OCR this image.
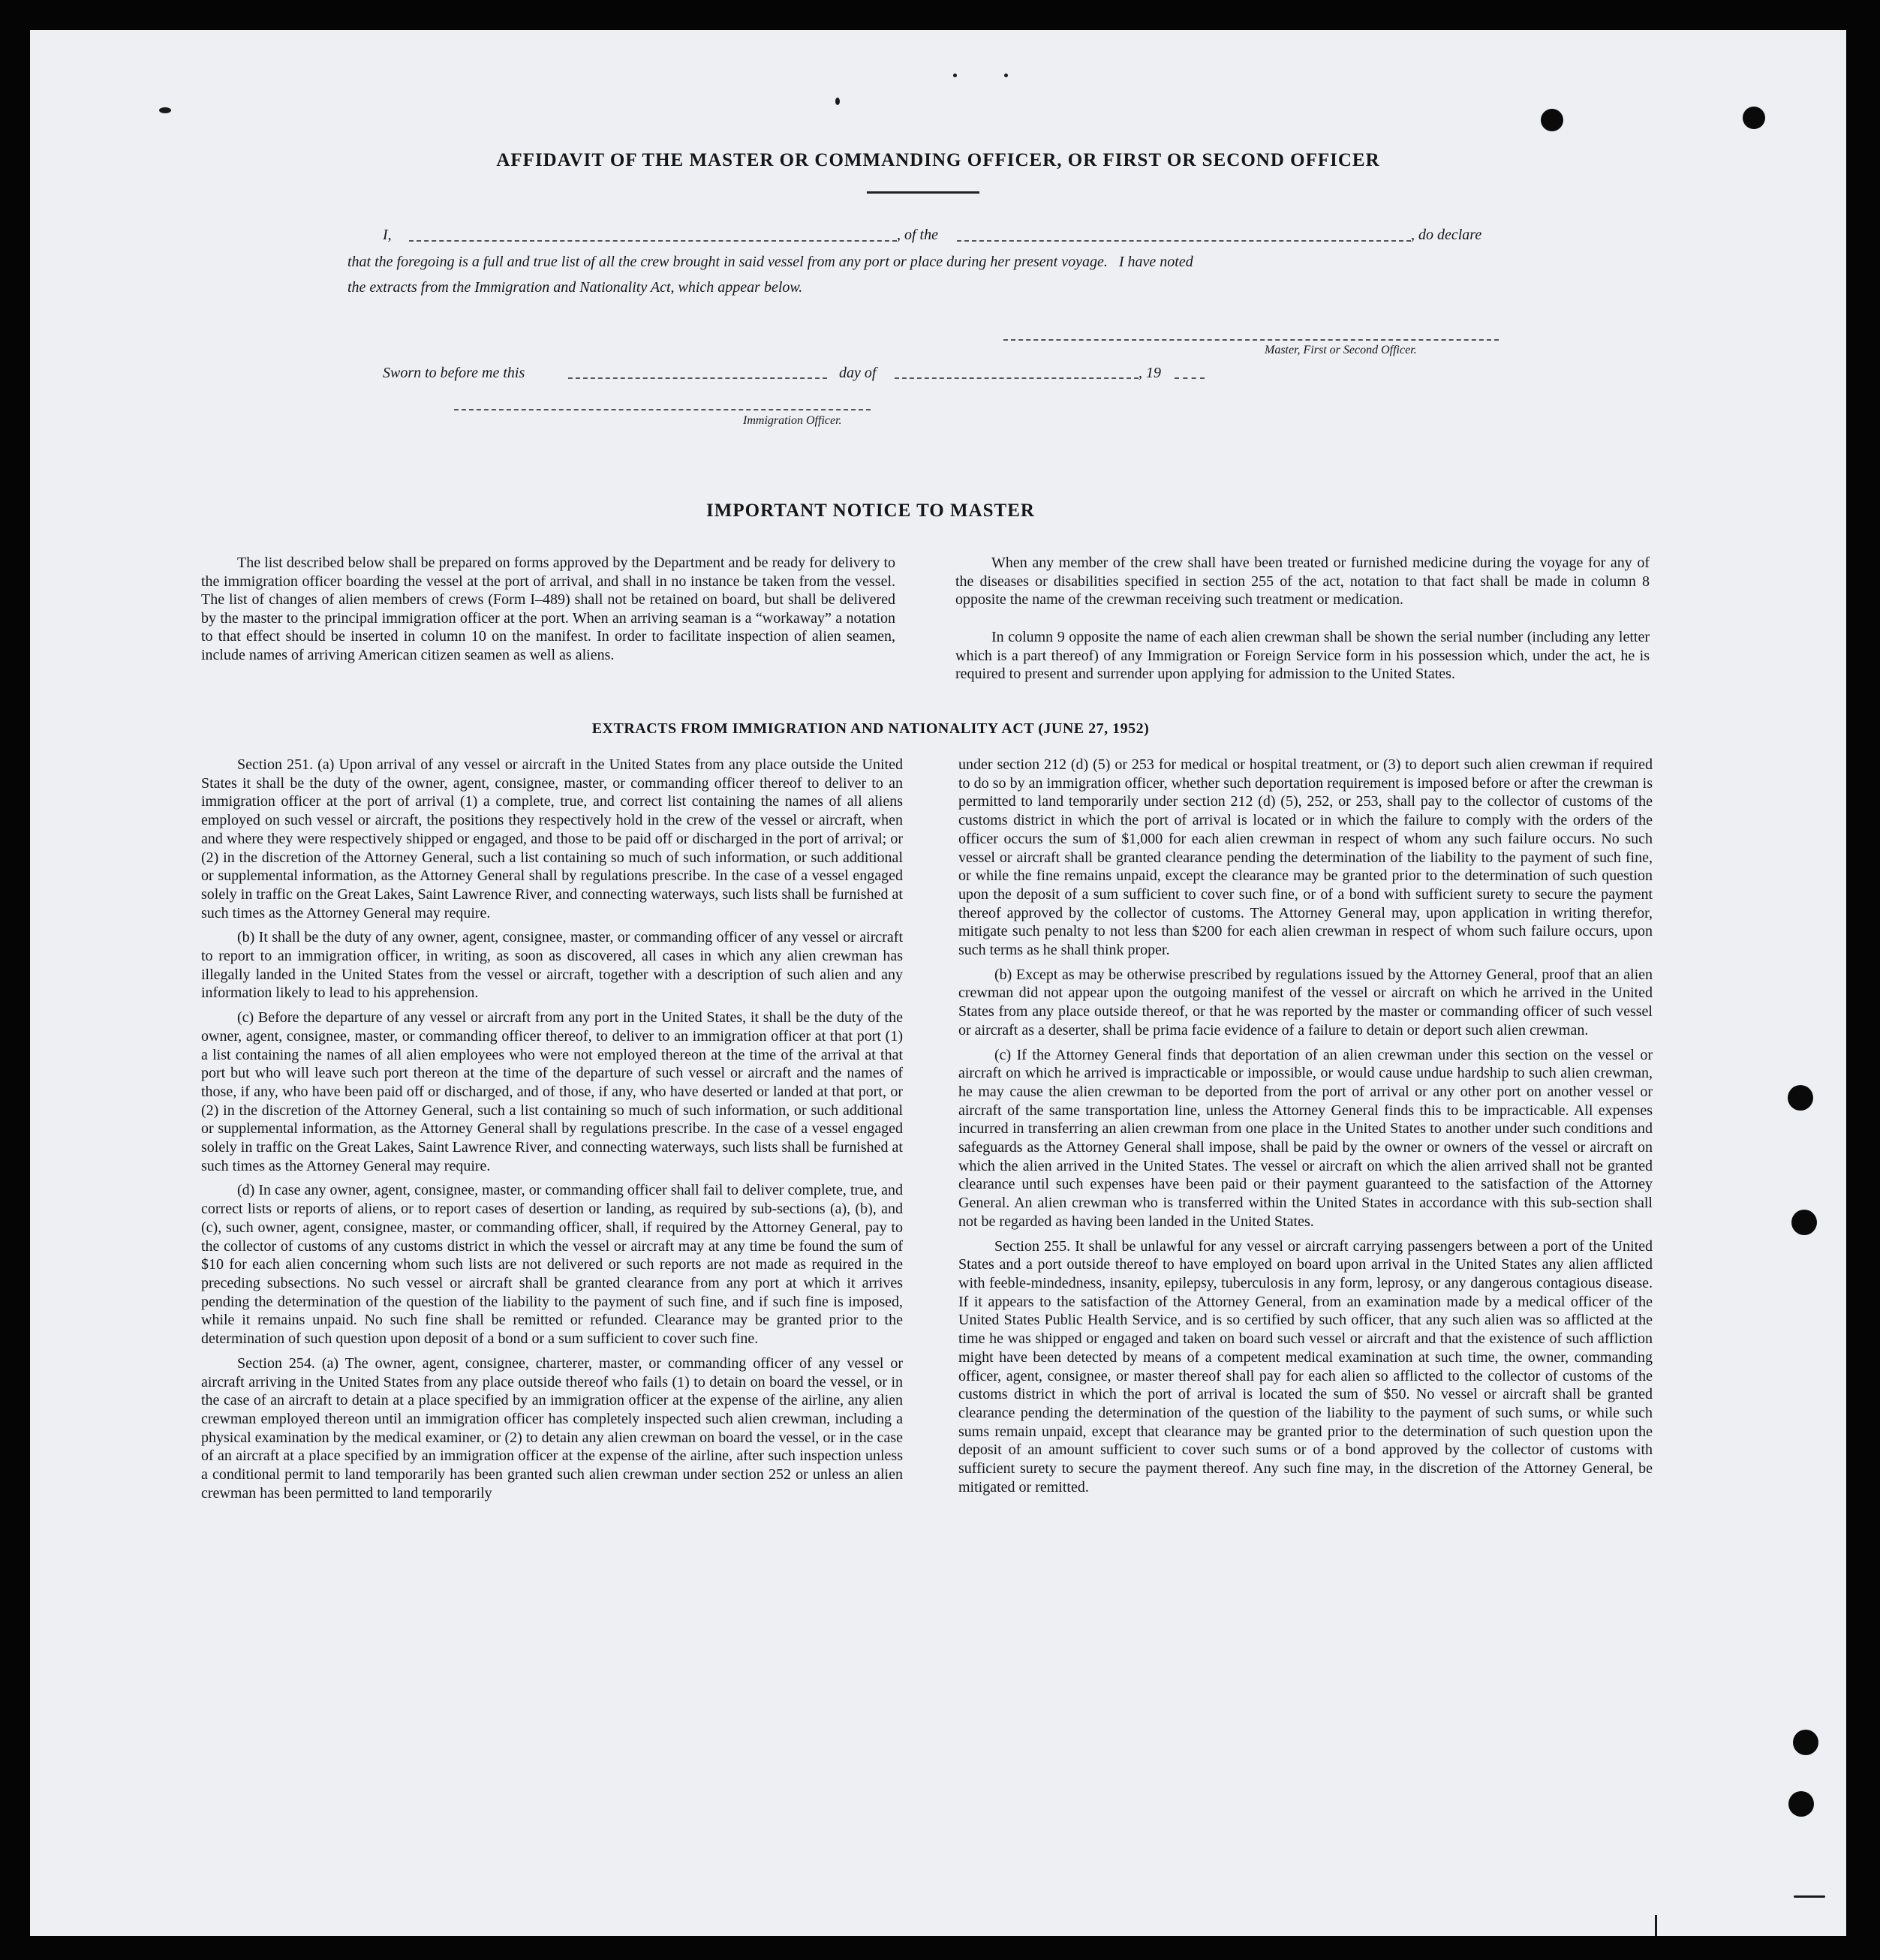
AFFIDAVIT OF THE MASTER OR COMMANDING OFFICER, OR FIRST OR SECOND OFFICER
I,	, of the	, do declare
that the foregoing is a full and true list of all the crew brought in said vessel from any port or place during her present voyage.   I have noted
the extracts from the Immigration and Nationality Act, which appear below.
Master, First or Second Officer.
Sworn to before me this	day of	, 19
Immigration Officer.
IMPORTANT NOTICE TO MASTER

The list described below shall be prepared on forms approved by the Department and be ready for delivery to the immigration officer boarding the vessel at the port of arrival, and shall in no instance be taken from the vessel. The list of changes of alien members of crews (Form I–489) shall not be retained on board, but shall be delivered by the master to the principal immigration officer at the port. When an arriving seaman is a “workaway” a notation to that effect should be inserted in column 10 on the manifest. In order to facilitate inspection of alien seamen, include names of arriving American citizen seamen as well as aliens.

When any member of the crew shall have been treated or furnished medicine during the voyage for any of the diseases or disabilities specified in section 255 of the act, notation to that fact shall be made in column 8 opposite the name of the crewman receiving such treatment or medication.

In column 9 opposite the name of each alien crewman shall be shown the serial number (including any letter which is a part thereof) of any Immigration or Foreign Service form in his possession which, under the act, he is required to present and surrender upon applying for admission to the United States.

EXTRACTS FROM IMMIGRATION AND NATIONALITY ACT (JUNE 27, 1952)

Section 251. (a) Upon arrival of any vessel or aircraft in the United States from any place outside the United States it shall be the duty of the owner, agent, consignee, master, or commanding officer thereof to deliver to an immigration officer at the port of arrival (1) a complete, true, and correct list containing the names of all aliens employed on such vessel or aircraft, the positions they respectively hold in the crew of the vessel or aircraft, when and where they were respectively shipped or engaged, and those to be paid off or discharged in the port of arrival; or (2) in the discretion of the Attorney General, such a list containing so much of such information, or such additional or supplemental information, as the Attorney General shall by regulations prescribe. In the case of a vessel engaged solely in traffic on the Great Lakes, Saint Lawrence River, and connecting waterways, such lists shall be furnished at such times as the Attorney General may require.

(b) It shall be the duty of any owner, agent, consignee, master, or commanding officer of any vessel or aircraft to report to an immigration officer, in writing, as soon as discovered, all cases in which any alien crewman has illegally landed in the United States from the vessel or aircraft, together with a description of such alien and any information likely to lead to his apprehension.

(c) Before the departure of any vessel or aircraft from any port in the United States, it shall be the duty of the owner, agent, consignee, master, or commanding officer thereof, to deliver to an immigration officer at that port (1) a list containing the names of all alien employees who were not employed thereon at the time of the arrival at that port but who will leave such port thereon at the time of the departure of such vessel or aircraft and the names of those, if any, who have been paid off or discharged, and of those, if any, who have deserted or landed at that port, or (2) in the discretion of the Attorney General, such a list containing so much of such information, or such additional or supplemental information, as the Attorney General shall by regulations prescribe. In the case of a vessel engaged solely in traffic on the Great Lakes, Saint Lawrence River, and connecting waterways, such lists shall be furnished at such times as the Attorney General may require.

(d) In case any owner, agent, consignee, master, or commanding officer shall fail to deliver complete, true, and correct lists or reports of aliens, or to report cases of desertion or landing, as required by sub-sections (a), (b), and (c), such owner, agent, consignee, master, or commanding officer, shall, if required by the Attorney General, pay to the collector of customs of any customs district in which the vessel or aircraft may at any time be found the sum of $10 for each alien concerning whom such lists are not delivered or such reports are not made as required in the preceding subsections. No such vessel or aircraft shall be granted clearance from any port at which it arrives pending the determination of the question of the liability to the payment of such fine, and if such fine is imposed, while it remains unpaid. No such fine shall be remitted or refunded. Clearance may be granted prior to the determination of such question upon deposit of a bond or a sum sufficient to cover such fine.

Section 254. (a) The owner, agent, consignee, charterer, master, or commanding officer of any vessel or aircraft arriving in the United States from any place outside thereof who fails (1) to detain on board the vessel, or in the case of an aircraft to detain at a place specified by an immigration officer at the expense of the airline, any alien crewman employed thereon until an immigration officer has completely inspected such alien crewman, including a physical examination by the medical examiner, or (2) to detain any alien crewman on board the vessel, or in the case of an aircraft at a place specified by an immigration officer at the expense of the airline, after such inspection unless a conditional permit to land temporarily has been granted such alien crewman under section 252 or unless an alien crewman has been permitted to land temporarily

under section 212 (d) (5) or 253 for medical or hospital treatment, or (3) to deport such alien crewman if required to do so by an immigration officer, whether such deportation requirement is imposed before or after the crewman is permitted to land temporarily under section 212 (d) (5), 252, or 253, shall pay to the collector of customs of the customs district in which the port of arrival is located or in which the failure to comply with the orders of the officer occurs the sum of $1,000 for each alien crewman in respect of whom any such failure occurs. No such vessel or aircraft shall be granted clearance pending the determination of the liability to the payment of such fine, or while the fine remains unpaid, except the clearance may be granted prior to the determination of such question upon the deposit of a sum sufficient to cover such fine, or of a bond with sufficient surety to secure the payment thereof approved by the collector of customs. The Attorney General may, upon application in writing therefor, mitigate such penalty to not less than $200 for each alien crewman in respect of whom such failure occurs, upon such terms as he shall think proper.

(b) Except as may be otherwise prescribed by regulations issued by the Attorney General, proof that an alien crewman did not appear upon the outgoing manifest of the vessel or aircraft on which he arrived in the United States from any place outside thereof, or that he was reported by the master or commanding officer of such vessel or aircraft as a deserter, shall be prima facie evidence of a failure to detain or deport such alien crewman.

(c) If the Attorney General finds that deportation of an alien crewman under this section on the vessel or aircraft on which he arrived is impracticable or impossible, or would cause undue hardship to such alien crewman, he may cause the alien crewman to be deported from the port of arrival or any other port on another vessel or aircraft of the same transportation line, unless the Attorney General finds this to be impracticable. All expenses incurred in transferring an alien crewman from one place in the United States to another under such conditions and safeguards as the Attorney General shall impose, shall be paid by the owner or owners of the vessel or aircraft on which the alien arrived in the United States. The vessel or aircraft on which the alien arrived shall not be granted clearance until such expenses have been paid or their payment guaranteed to the satisfaction of the Attorney General. An alien crewman who is transferred within the United States in accordance with this sub-section shall not be regarded as having been landed in the United States.

Section 255. It shall be unlawful for any vessel or aircraft carrying passengers between a port of the United States and a port outside thereof to have employed on board upon arrival in the United States any alien afflicted with feeble-mindedness, insanity, epilepsy, tuberculosis in any form, leprosy, or any dangerous contagious disease. If it appears to the satisfaction of the Attorney General, from an examination made by a medical officer of the United States Public Health Service, and is so certified by such officer, that any such alien was so afflicted at the time he was shipped or engaged and taken on board such vessel or aircraft and that the existence of such affliction might have been detected by means of a competent medical examination at such time, the owner, commanding officer, agent, consignee, or master thereof shall pay for each alien so afflicted to the collector of customs of the customs district in which the port of arrival is located the sum of $50. No vessel or aircraft shall be granted clearance pending the determination of the question of the liability to the payment of such sums, or while such sums remain unpaid, except that clearance may be granted prior to the determination of such question upon the deposit of an amount sufficient to cover such sums or of a bond approved by the collector of customs with sufficient surety to secure the payment thereof. Any such fine may, in the discretion of the Attorney General, be mitigated or remitted.
